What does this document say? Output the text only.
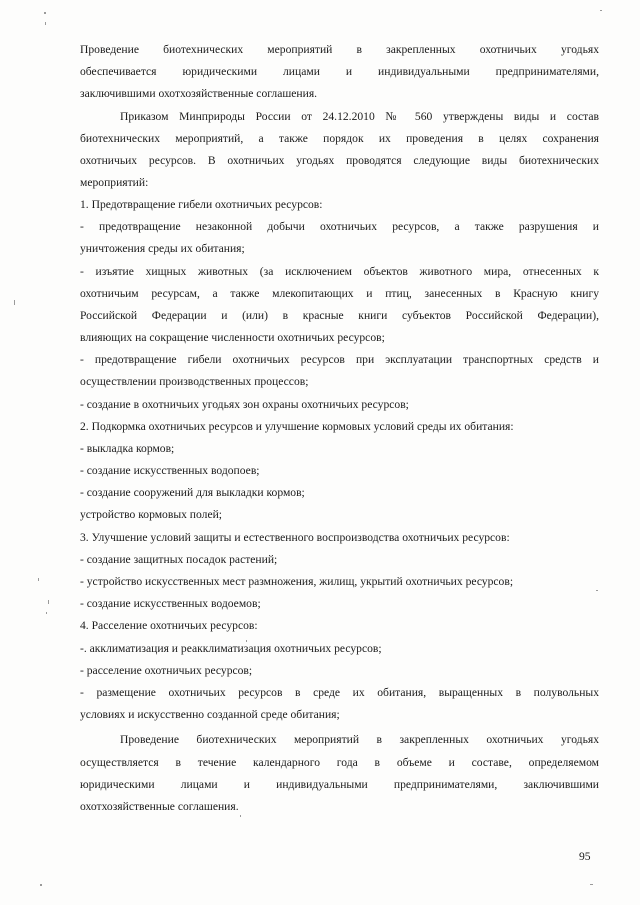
Проведение биотехнических мероприятий в закрепленных охотничьих угодьях
обеспечивается юридическими лицами и индивидуальными предпринимателями,
заключившими охотхозяйственные соглашения.
Приказом Минприроды России от 24.12.2010 № 560 утверждены виды и состав
биотехнических мероприятий, а также порядок их проведения в целях сохранения
охотничьих ресурсов. В охотничьих угодьях проводятся следующие виды биотехнических
мероприятий:
1. Предотвращение гибели охотничьих ресурсов:
- предотвращение незаконной добычи охотничьих ресурсов, а также разрушения и
уничтожения среды их обитания;
- изъятие хищных животных (за исключением объектов животного мира, отнесенных к
охотничьим ресурсам, а также млекопитающих и птиц, занесенных в Красную книгу
Российской Федерации и (или) в красные книги субъектов Российской Федерации),
влияющих на сокращение численности охотничьих ресурсов;
- предотвращение гибели охотничьих ресурсов при эксплуатации транспортных средств и
осуществлении производственных процессов;
- создание в охотничьих угодьях зон охраны охотничьих ресурсов;
2. Подкормка охотничьих ресурсов и улучшение кормовых условий среды их обитания:
- выкладка кормов;
- создание искусственных водопоев;
- создание сооружений для выкладки кормов;
устройство кормовых полей;
3. Улучшение условий защиты и естественного воспроизводства охотничьих ресурсов:
- создание защитных посадок растений;
- устройство искусственных мест размножения, жилищ, укрытий охотничьих ресурсов;
- создание искусственных водоемов;
4. Расселение охотничьих ресурсов:
-. акклиматизация и реакклиматизация охотничьих ресурсов;
- расселение охотничьих ресурсов;
- размещение охотничьих ресурсов в среде их обитания, выращенных в полувольных
условиях и искусственно созданной среде обитания;
Проведение биотехнических мероприятий в закрепленных охотничьих угодьях
осуществляется в течение календарного года в объеме и составе, определяемом
юридическими лицами и индивидуальными предпринимателями, заключившими
охотхозяйственные соглашения.
95
